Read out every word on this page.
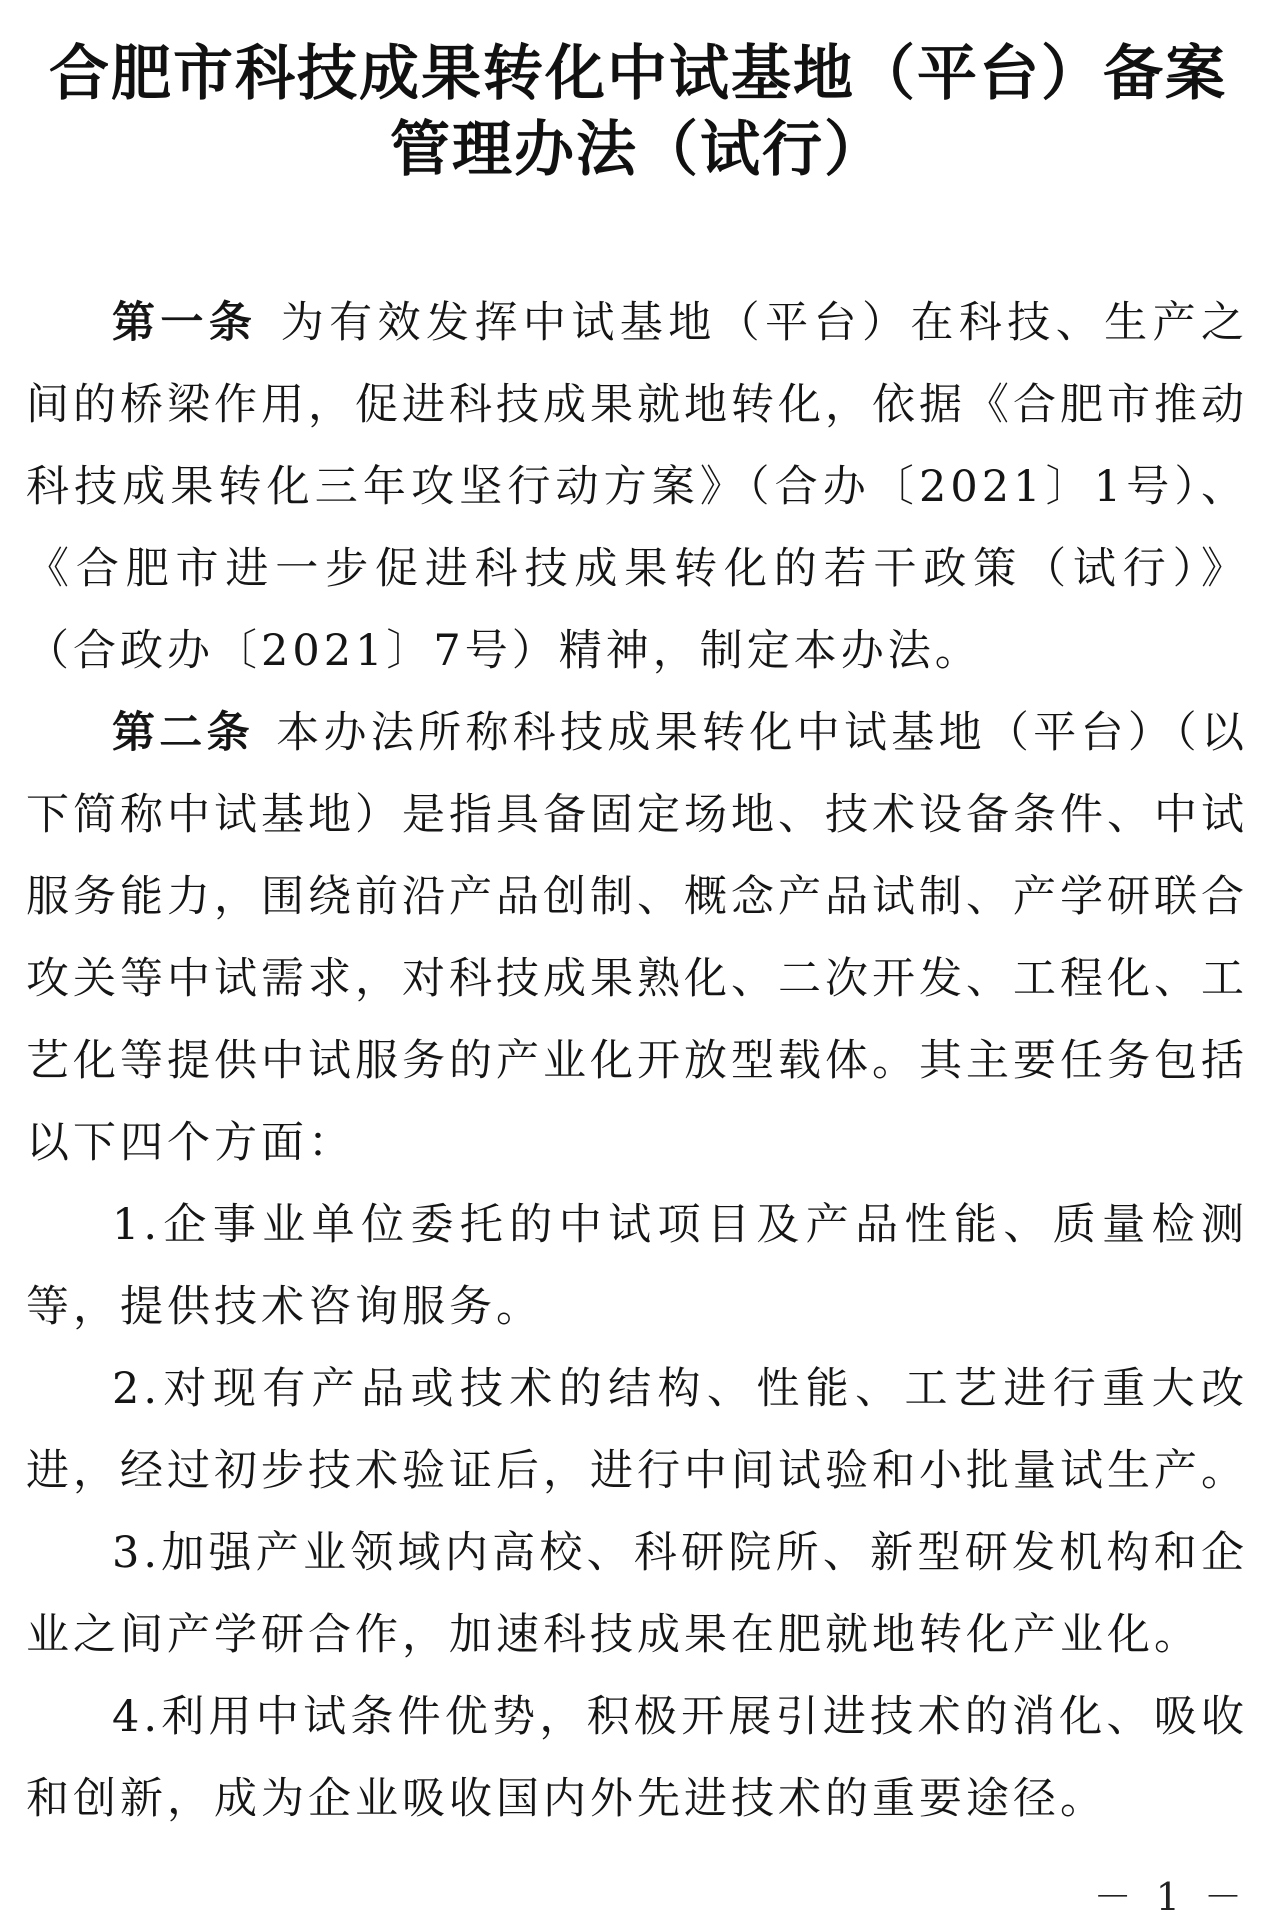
合肥市科技成果转化中试基地（平台）备案
管理办法（试行）

第一条 为有效发挥中试基地（平台）在科技、生产之间的桥梁作用，促进科技成果就地转化，依据《合肥市推动科技成果转化三年攻坚行动方案》（合办〔2021〕1号）、《合肥市进一步促进科技成果转化的若干政策（试行）》（合政办〔2021〕7号）精神，制定本办法。

第二条 本办法所称科技成果转化中试基地（平台）（以下简称中试基地）是指具备固定场地、技术设备条件、中试服务能力，围绕前沿产品创制、概念产品试制、产学研联合攻关等中试需求，对科技成果熟化、二次开发、工程化、工艺化等提供中试服务的产业化开放型载体。其主要任务包括以下四个方面：

1.企事业单位委托的中试项目及产品性能、质量检测等，提供技术咨询服务。

2.对现有产品或技术的结构、性能、工艺进行重大改进，经过初步技术验证后，进行中间试验和小批量试生产。

3.加强产业领域内高校、科研院所、新型研发机构和企业之间产学研合作，加速科技成果在肥就地转化产业化。

4.利用中试条件优势，积极开展引进技术的消化、吸收和创新，成为企业吸收国内外先进技术的重要途径。

－ 1 －
